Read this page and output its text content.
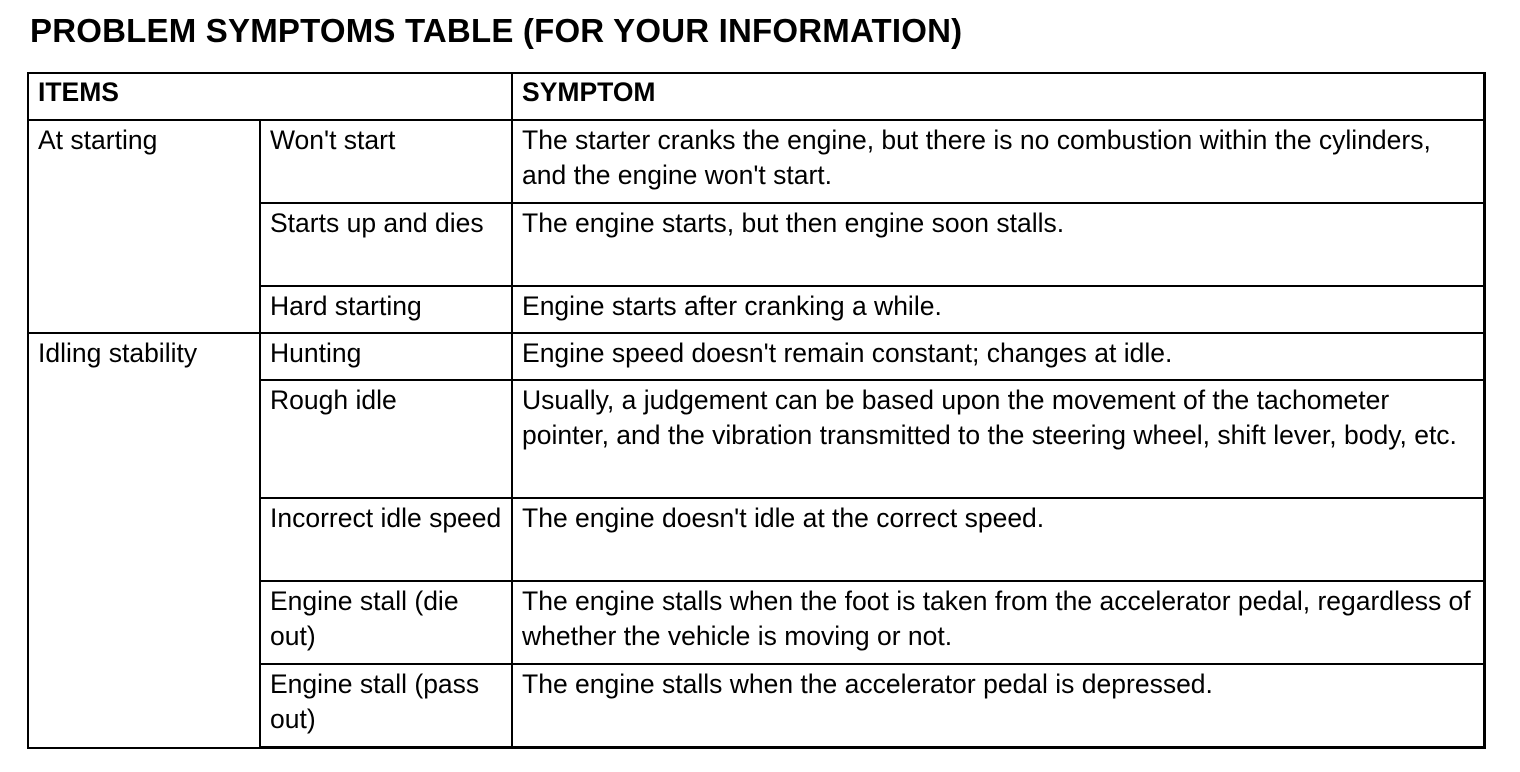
PROBLEM SYMPTOMS TABLE (FOR YOUR INFORMATION)
ITEMS		SYMPTOM
At starting	Won't start	The starter cranks the engine, but there is no combustion within the cylinders, and the engine won't start.
	Starts up and dies	The engine starts, but then engine soon stalls.
	Hard starting	Engine starts after cranking a while.
Idling stability	Hunting	Engine speed doesn't remain constant; changes at idle.
	Rough idle	Usually, a judgement can be based upon the movement of the tachometer pointer, and the vibration transmitted to the steering wheel, shift lever, body, etc.
	Incorrect idle speed	The engine doesn't idle at the correct speed.
	Engine stall (die out)	The engine stalls when the foot is taken from the accelerator pedal, regardless of whether the vehicle is moving or not.
	Engine stall (pass out)	The engine stalls when the accelerator pedal is depressed.
